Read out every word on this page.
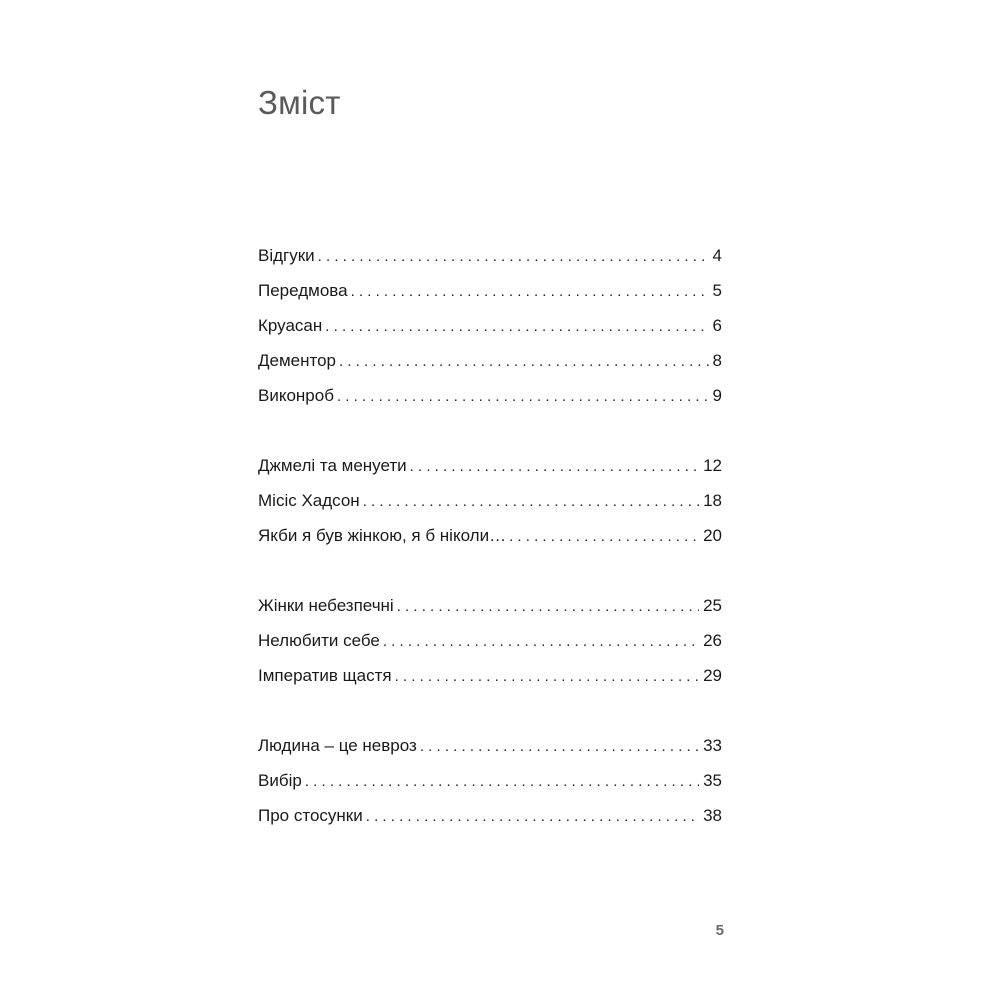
Зміст
Відгуки . . .	4
Передмова . . .	5
Круасан . . .	6
Дементор . . .	8
Виконроб . . .	9
Джмелі та менуети . . .	12
Місіс Хадсон . . .	18
Якби я був жінкою, я б ніколи… . . .	20
Жінки небезпечні . . .	25
Нелюбити себе . . .	26
Імператив щастя . . .	29
Людина – це невроз . . .	33
Вибір . . .	35
Про стосунки . . .	38
5
